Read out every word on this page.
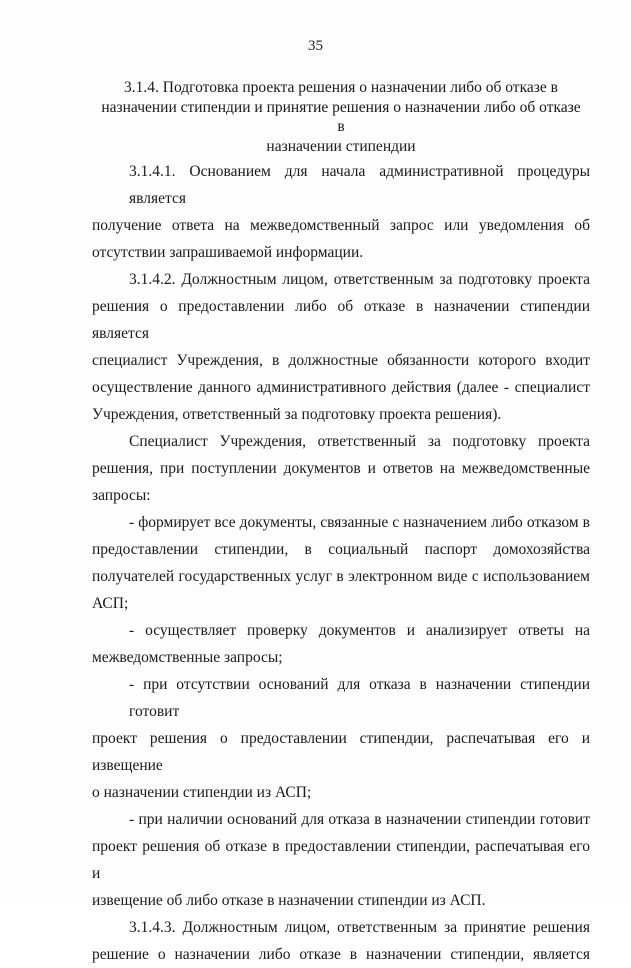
35
3.1.4. Подготовка проекта решения о назначении либо об отказе в
назначении стипендии и принятие решения о назначении либо об отказе в
назначении стипендии
3.1.4.1. Основанием для начала административной процедуры является
получение ответа на межведомственный запрос или уведомления об
отсутствии запрашиваемой информации.
3.1.4.2. Должностным лицом, ответственным за подготовку проекта
решения о предоставлении либо об отказе в назначении стипендии является
специалист Учреждения, в должностные обязанности которого входит
осуществление данного административного действия (далее - специалист
Учреждения, ответственный за подготовку проекта решения).
Специалист Учреждения, ответственный за подготовку проекта
решения, при поступлении документов и ответов на межведомственные
запросы:
- формирует все документы, связанные с назначением либо отказом в
предоставлении стипендии, в социальный паспорт домохозяйства
получателей государственных услуг в электронном виде с использованием
АСП;
- осуществляет проверку документов и анализирует ответы на
межведомственные запросы;
- при отсутствии оснований для отказа в назначении стипендии готовит
проект решения о предоставлении стипендии, распечатывая его и извещение
о назначении стипендии из АСП;
- при наличии оснований для отказа в назначении стипендии готовит
проект решения об отказе в предоставлении стипендии, распечатывая его и
извещение об либо отказе в назначении стипендии из АСП.
3.1.4.3. Должностным лицом, ответственным за принятие решения
решение о назначении либо отказе в назначении стипендии, является
